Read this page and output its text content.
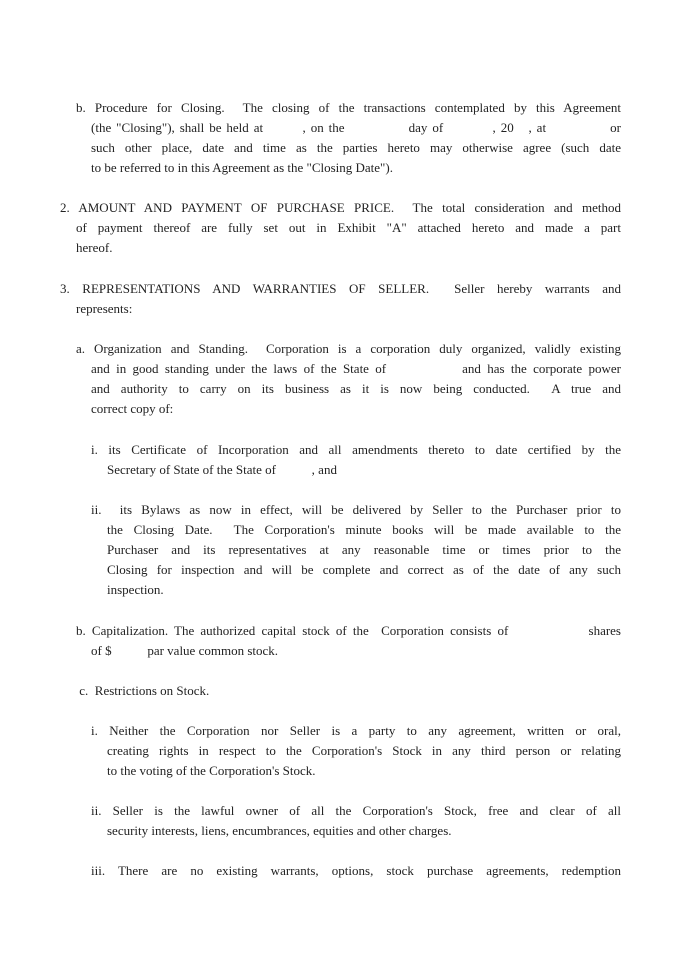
b. Procedure for Closing.  The closing of the transactions contemplated by this Agreement
(the "Closing"), shall be held at        , on the             day of          , 20   , at             or
such other place, date and time as the parties hereto may otherwise agree (such date
to be referred to in this Agreement as the "Closing Date").
2. AMOUNT AND PAYMENT OF PURCHASE PRICE.  The total consideration and method
of payment thereof are fully set out in Exhibit "A" attached hereto and made a part
hereof.
3. REPRESENTATIONS AND WARRANTIES OF SELLER.  Seller hereby warrants and
represents:
a. Organization and Standing.  Corporation is a corporation duly organized, validly existing
and in good standing under the laws of the State of            and has the corporate power
and authority to carry on its business as it is now being conducted.  A true and
correct copy of:
i. its Certificate of Incorporation and all amendments thereto to date certified by the
Secretary of State of the State of           , and
ii.  its Bylaws as now in effect, will be delivered by Seller to the Purchaser prior to
the Closing Date.  The Corporation's minute books will be made available to the
Purchaser and its representatives at any reasonable time or times prior to the
Closing for inspection and will be complete and correct as of the date of any such
inspection.
b. Capitalization. The authorized capital stock of the  Corporation consists of             shares
of $           par value common stock.
c.  Restrictions on Stock.
i. Neither the Corporation nor Seller is a party to any agreement, written or oral,
creating rights in respect to the Corporation's Stock in any third person or relating
to the voting of the Corporation's Stock.
ii. Seller is the lawful owner of all the Corporation's Stock, free and clear of all
security interests, liens, encumbrances, equities and other charges.
iii. There are no existing warrants, options, stock purchase agreements, redemption
